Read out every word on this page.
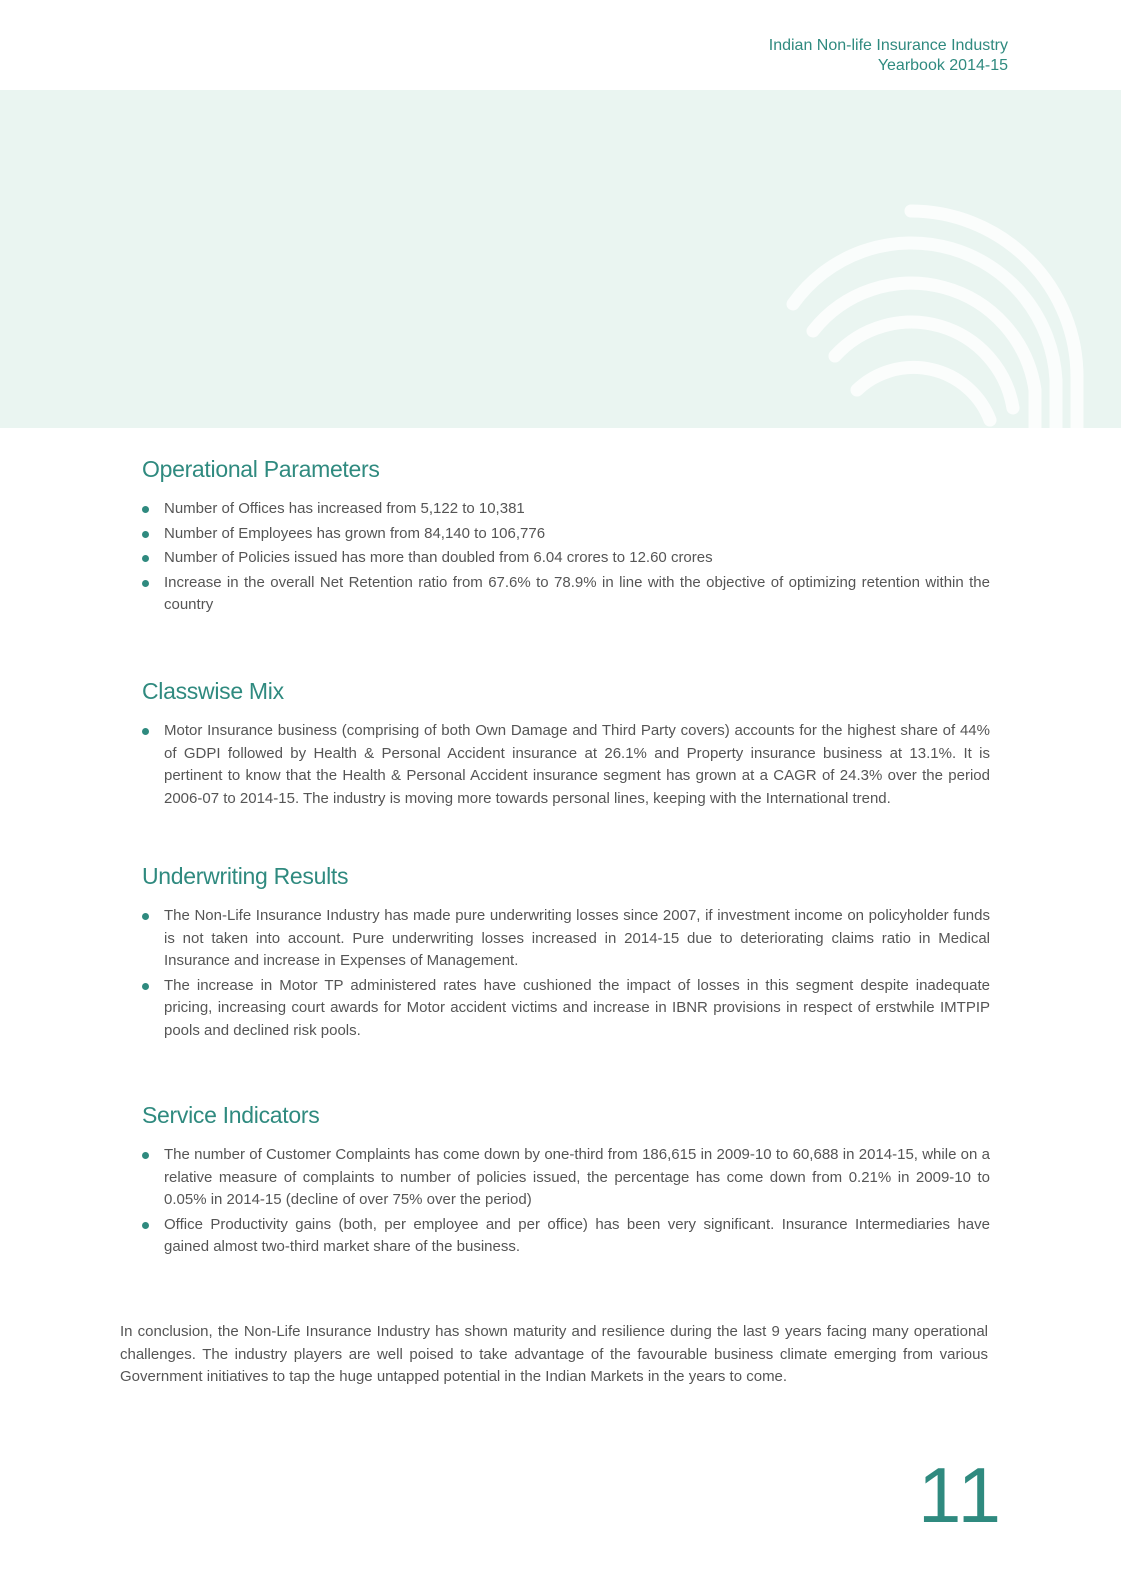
Indian Non-life Insurance Industry
Yearbook 2014-15
Operational Parameters
Number of Offices has increased from 5,122 to 10,381
Number of Employees has grown from 84,140 to 106,776
Number of Policies issued has more than doubled from 6.04 crores to 12.60 crores
Increase in the overall Net Retention ratio from 67.6% to 78.9% in line with the objective of optimizing retention within the country
Classwise Mix
Motor Insurance business (comprising of both Own Damage and Third Party covers) accounts for the highest share of 44% of GDPI followed by Health & Personal Accident insurance at 26.1% and Property insurance business at 13.1%. It is pertinent to know that the Health & Personal Accident insurance segment has grown at a CAGR of 24.3% over the period 2006-07 to 2014-15. The industry is moving more towards personal lines, keeping with the International trend.
Underwriting Results
The Non-Life Insurance Industry has made pure underwriting losses since 2007, if investment income on policyholder funds is not taken into account. Pure underwriting losses increased in 2014-15 due to deteriorating claims ratio in Medical Insurance and increase in Expenses of Management.
The increase in Motor TP administered rates have cushioned the impact of losses in this segment despite inadequate pricing, increasing court awards for Motor accident victims and increase in IBNR provisions in respect of erstwhile IMTPIP pools and declined risk pools.
Service Indicators
The number of Customer Complaints has come down by one-third from 186,615 in 2009-10 to 60,688 in 2014-15, while on a relative measure of complaints to number of policies issued, the percentage has come down from 0.21% in 2009-10 to 0.05% in 2014-15 (decline of over 75% over the period)
Office Productivity gains (both, per employee and per office) has been very significant. Insurance Intermediaries have gained almost two-third market share of the business.

In conclusion, the Non-Life Insurance Industry has shown maturity and resilience during the last 9 years facing many operational challenges. The industry players are well poised to take advantage of the favourable business climate emerging from various Government initiatives to tap the huge untapped potential in the Indian Markets in the years to come.

11
